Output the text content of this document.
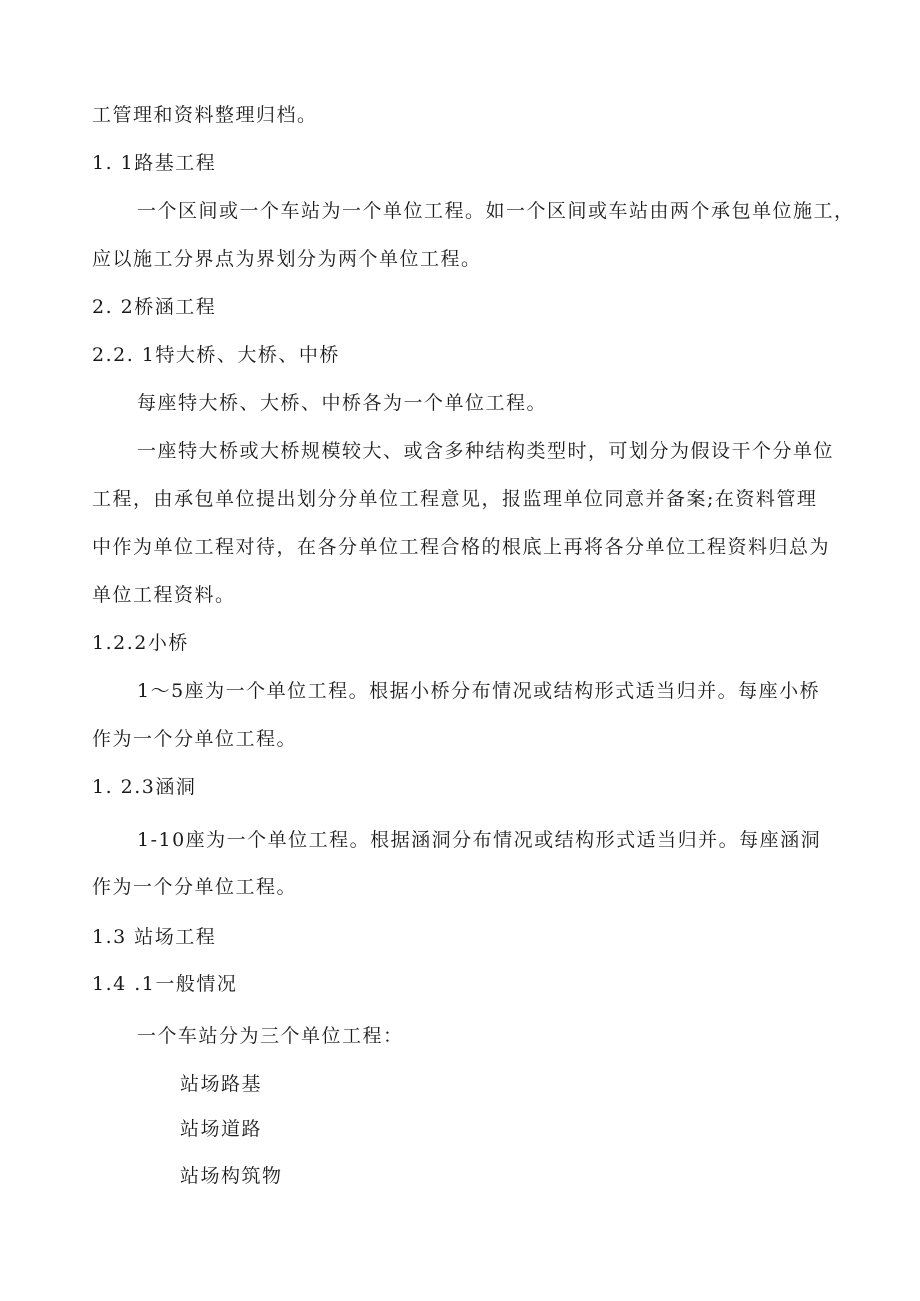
工管理和资料整理归档。
1. 1路基工程
一个区间或一个车站为一个单位工程。如一个区间或车站由两个承包单位施工，
应以施工分界点为界划分为两个单位工程。
2. 2桥涵工程
2.2. 1特大桥、大桥、中桥
每座特大桥、大桥、中桥各为一个单位工程。
一座特大桥或大桥规模较大、或含多种结构类型时，可划分为假设干个分单位
工程，由承包单位提出划分分单位工程意见，报监理单位同意并备案;在资料管理
中作为单位工程对待，在各分单位工程合格的根底上再将各分单位工程资料归总为
单位工程资料。
1.2.2小桥
1～5座为一个单位工程。根据小桥分布情况或结构形式适当归并。每座小桥
作为一个分单位工程。
1. 2.3涵洞
1-10座为一个单位工程。根据涵洞分布情况或结构形式适当归并。每座涵洞
作为一个分单位工程。
1.3 站场工程
1.4 .1一般情况
一个车站分为三个单位工程：
站场路基
站场道路
站场构筑物
